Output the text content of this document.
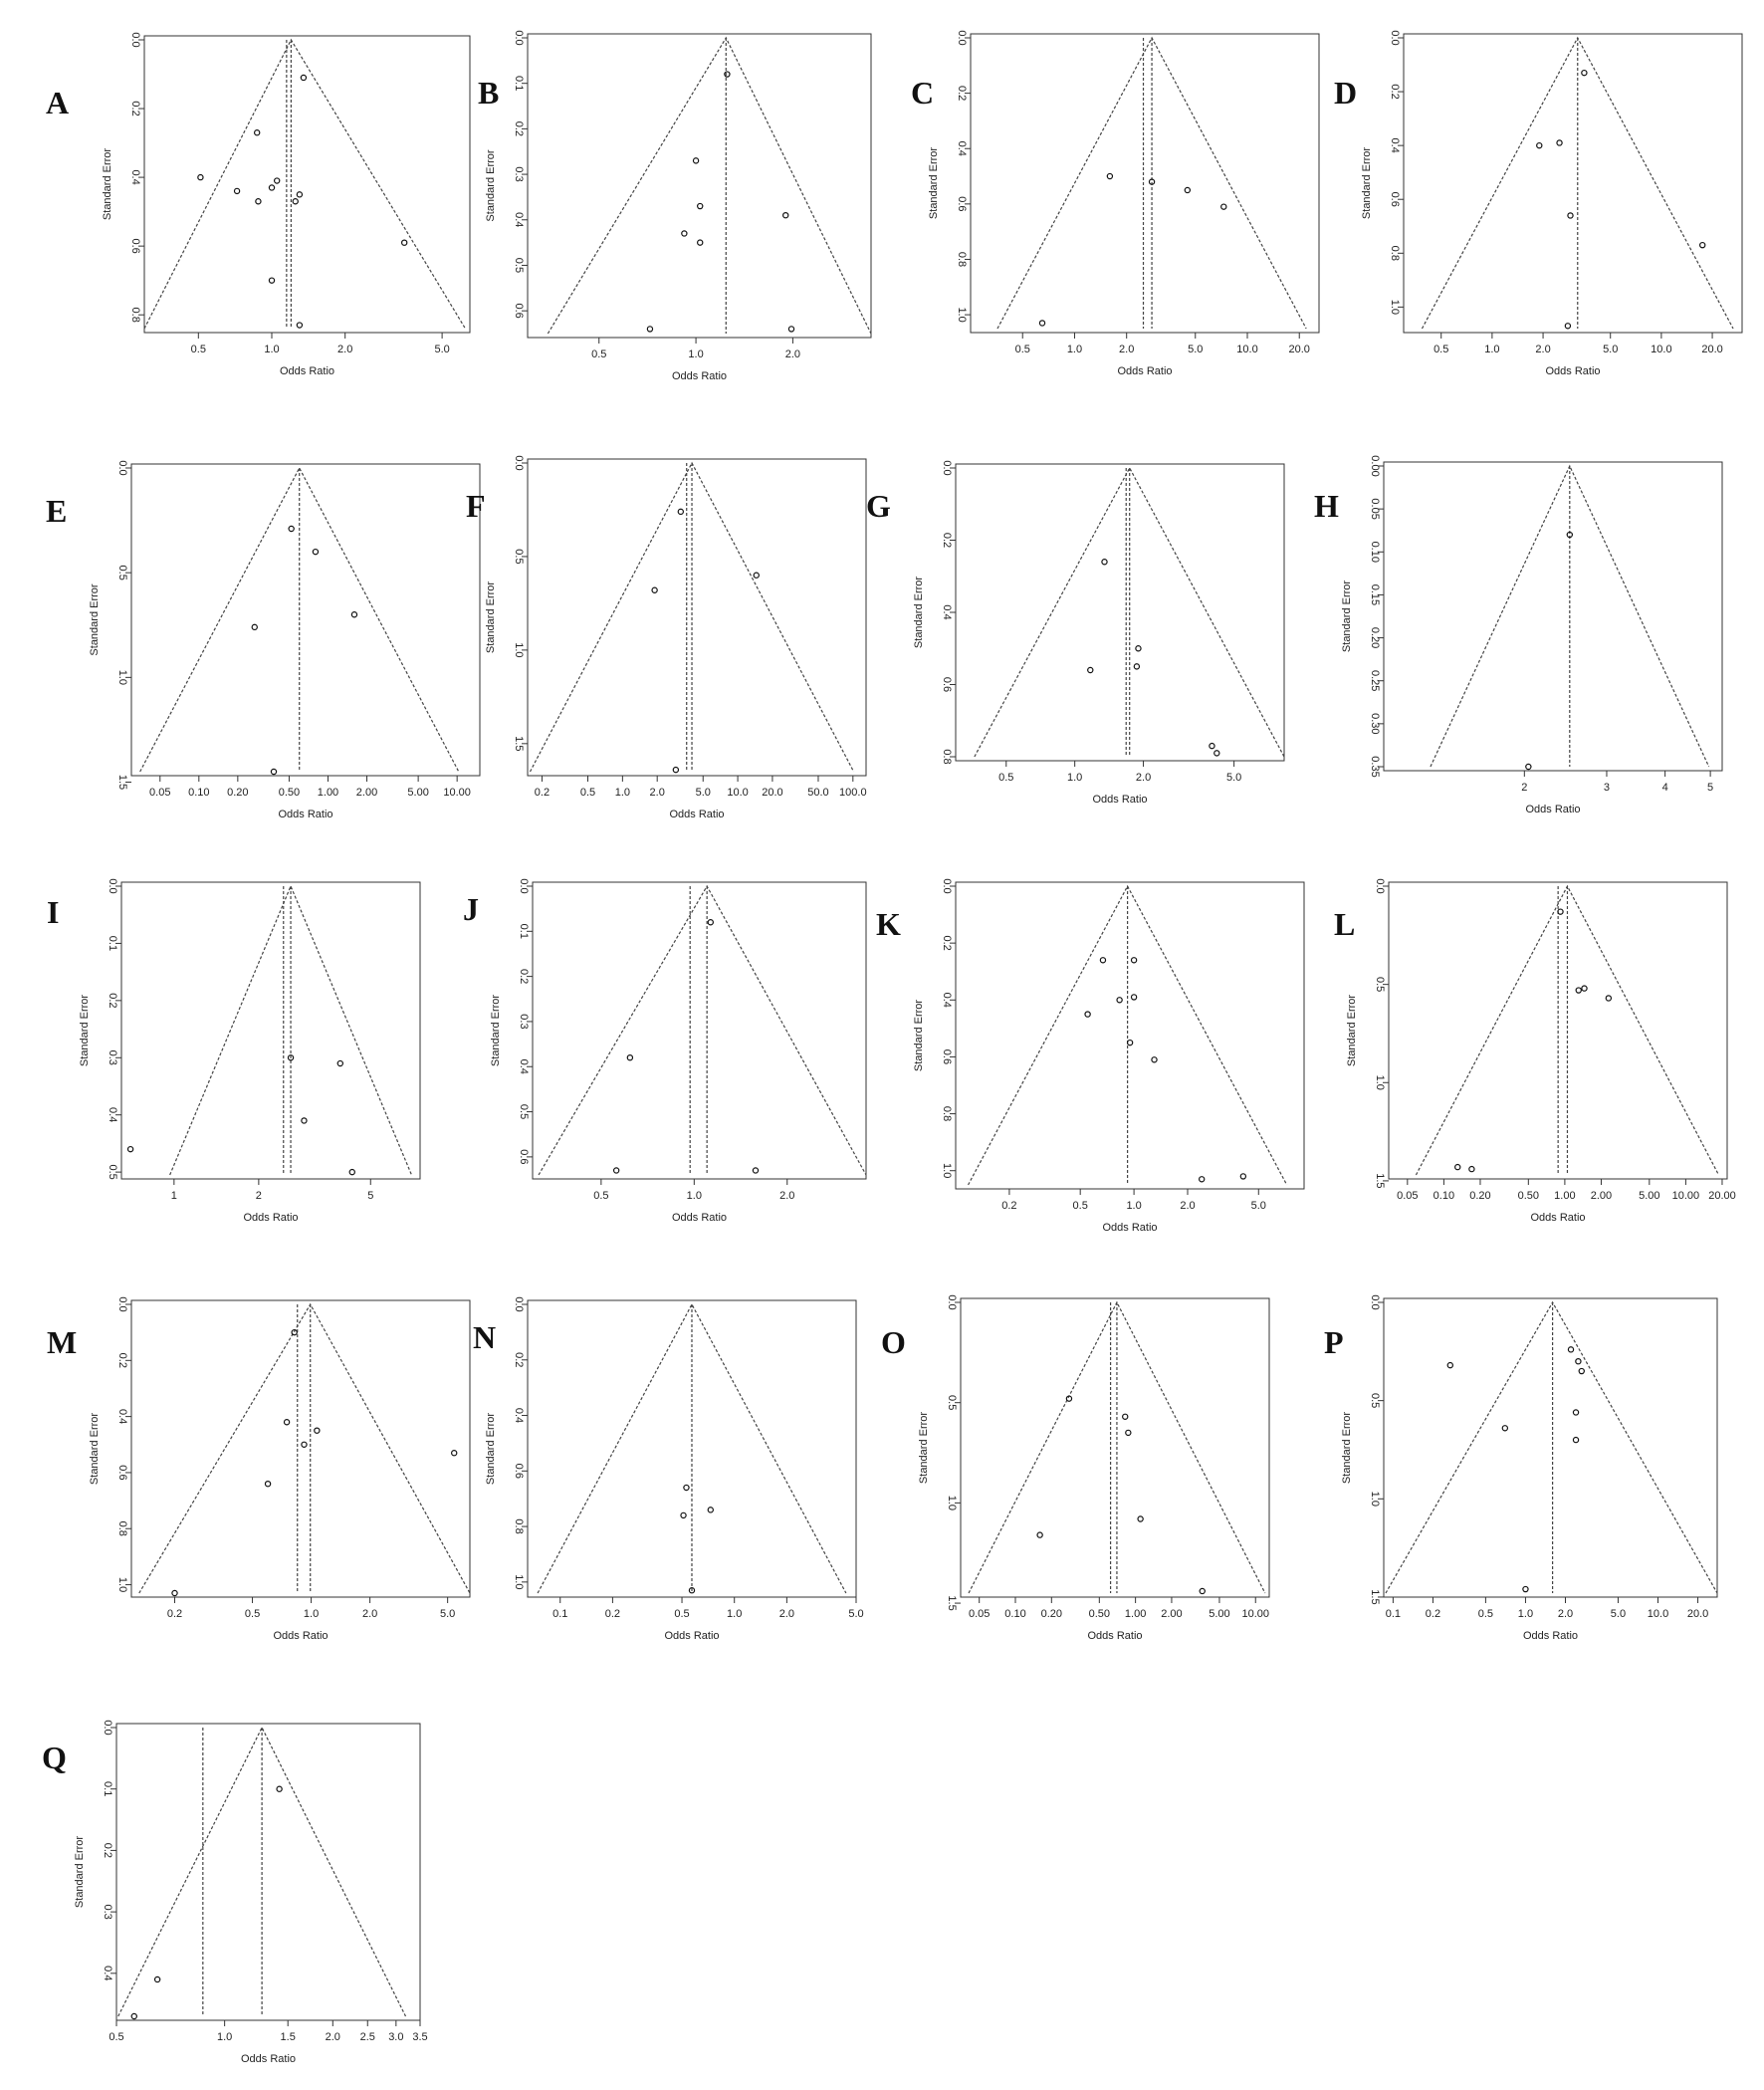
A
0.5	1.0	2.0	5.0
0.0
0.2
0.4
0.6
0.8
Odds Ratio
Standard Error
B
0.5	1.0	2.0
0.0
0.1
0.2
0.3
0.4
0.5
0.6
Odds Ratio
Standard Error
C
0.5	1.0	2.0	5.0	10.0	20.0
0.0
0.2
0.4
0.6
0.8
1.0
Odds Ratio
Standard Error
D
0.5	1.0	2.0	5.0	10.0	20.0
0.0
0.2
0.4
0.6
0.8
1.0
Odds Ratio
Standard Error
E
0.05 0.10 0.20	0.50 1.00 2.00	5.00 10.00
0.0
0.5
1.0
1.5
Odds Ratio
Standard Error
F
0.2	0.5 1.0 2.0	5.0 10.0 20.0 50.0 100.0
0.0
0.5
1.0
1.5
Odds Ratio
Standard Error
G
0.5	1.0	2.0	5.0
0.0
0.2
0.4
0.6
0.8
Odds Ratio
Standard Error
H
2	3	4	5
0.00
0.05
0.10
0.15
0.20
0.25
0.30
0.35
Odds Ratio
Standard Error
I
1	2	5
0.0
0.1
0.2
0.3
0.4
0.5
Odds Ratio
Standard Error
J
0.5	1.0	2.0
0.0
0.1
0.2
0.3
0.4
0.5
0.6
Odds Ratio
Standard Error
K
0.2	0.5	1.0	2.0	5.0
0.0
0.2
0.4
0.6
0.8
1.0
Odds Ratio
Standard Error
L
0.05 0.10 0.20 0.50 1.00 2.00 5.00 10.00 20.00
0.0
0.5
1.0
1.5
Odds Ratio
Standard Error
M
0.2	0.5	1.0	2.0	5.0
0.0
0.2
0.4
0.6
0.8
1.0
Odds Ratio
Standard Error
N
0.1	0.2	0.5	1.0	2.0	5.0
0.0
0.2
0.4
0.6
0.8
1.0
Odds Ratio
Standard Error
O
0.05 0.10 0.20 0.50 1.00 2.00 5.00 10.00
0.0
0.5
1.0
1.5
Odds Ratio
Standard Error
P
0.1 0.2	0.5 1.0 2.0	5.0 10.0 20.0
0.0
0.5
1.0
1.5
Odds Ratio
Standard Error
Q
0.5	1.0	1.5	2.0 2.5 3.0 3.5
0.0
0.1
0.2
0.3
0.4
Odds Ratio
Standard Error
